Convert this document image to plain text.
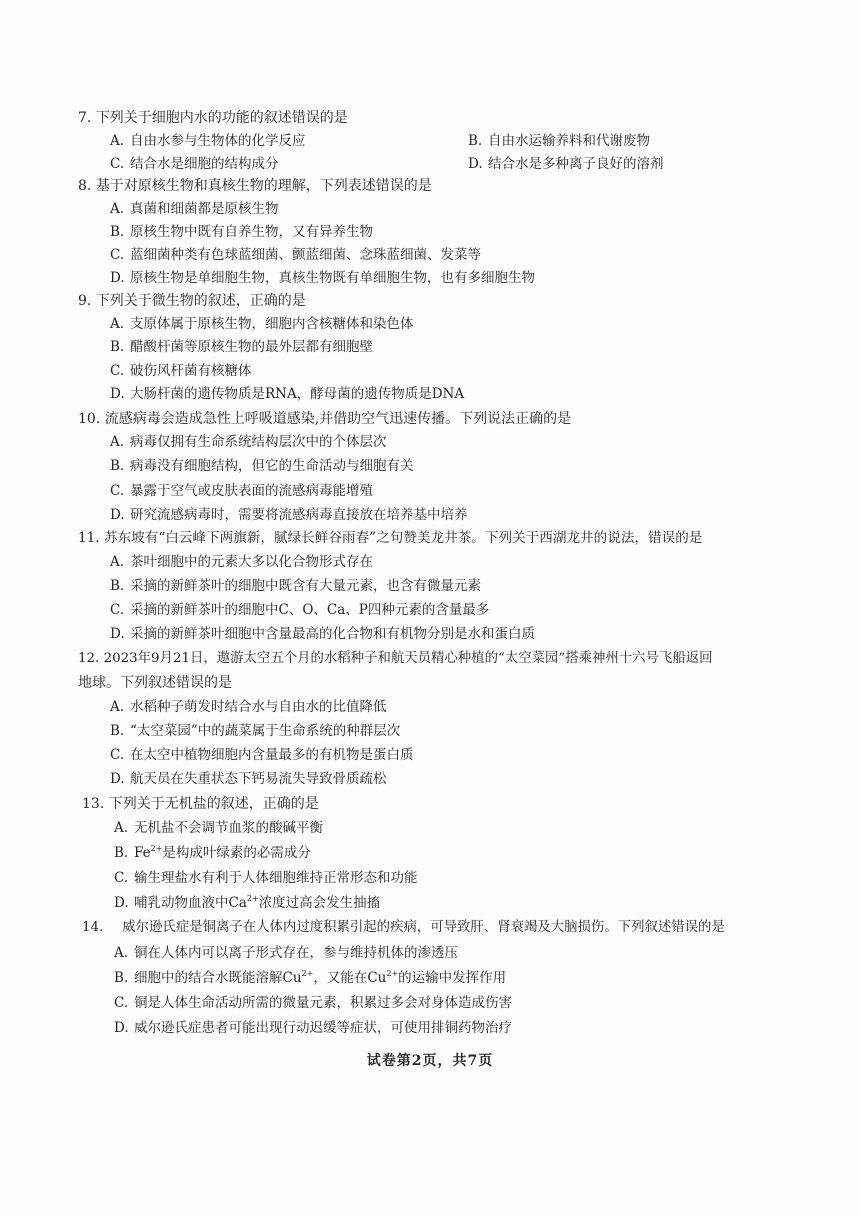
7. 下列关于细胞内水的功能的叙述错误的是
A. 自由水参与生物体的化学反应	B. 自由水运输养料和代谢废物
C. 结合水是细胞的结构成分	D. 结合水是多种离子良好的溶剂
8. 基于对原核生物和真核生物的理解，下列表述错误的是
A. 真菌和细菌都是原核生物
B. 原核生物中既有自养生物，又有异养生物
C. 蓝细菌种类有色球蓝细菌、颤蓝细菌、念珠蓝细菌、发菜等
D. 原核生物是单细胞生物，真核生物既有单细胞生物，也有多细胞生物
9. 下列关于微生物的叙述，正确的是
A. 支原体属于原核生物，细胞内含核糖体和染色体
B. 醋酸杆菌等原核生物的最外层都有细胞壁
C. 破伤风杆菌有核糖体
D. 大肠杆菌的遗传物质是RNA，酵母菌的遗传物质是DNA
10. 流感病毒会造成急性上呼吸道感染,并借助空气迅速传播。下列说法正确的是
A. 病毒仅拥有生命系统结构层次中的个体层次
B. 病毒没有细胞结构，但它的生命活动与细胞有关
C. 暴露于空气或皮肤表面的流感病毒能增殖
D. 研究流感病毒时，需要将流感病毒直接放在培养基中培养
11. 苏东坡有“白云峰下两旗新，腻绿长鲜谷雨春”之句赞美龙井茶。下列关于西湖龙井的说法，错误的是
A. 茶叶细胞中的元素大多以化合物形式存在
B. 采摘的新鲜茶叶的细胞中既含有大量元素，也含有微量元素
C. 采摘的新鲜茶叶的细胞中C、O、Ca、P四种元素的含量最多
D. 采摘的新鲜茶叶细胞中含量最高的化合物和有机物分别是水和蛋白质
12. 2023年9月21日，遨游太空五个月的水稻种子和航天员精心种植的“太空菜园”搭乘神州十六号飞船返回
地球。下列叙述错误的是
A. 水稻种子萌发时结合水与自由水的比值降低
B. “太空菜园”中的蔬菜属于生命系统的种群层次
C. 在太空中植物细胞内含量最多的有机物是蛋白质
D. 航天员在失重状态下钙易流失导致骨质疏松
13. 下列关于无机盐的叙述，正确的是
A. 无机盐不会调节血浆的酸碱平衡
B. $Fe^{2+}$是构成叶绿素的必需成分
C. 输生理盐水有利于人体细胞维持正常形态和功能
D. 哺乳动物血液中$Ca^{2+}$浓度过高会发生抽搐
14. 威尔逊氏症是铜离子在人体内过度积累引起的疾病，可导致肝、肾衰竭及大脑损伤。下列叙述错误的是
A. 铜在人体内可以离子形式存在，参与维持机体的渗透压
B. 细胞中的结合水既能溶解$Cu^{2+}$，又能在$Cu^{2+}$的运输中发挥作用
C. 铜是人体生命活动所需的微量元素，积累过多会对身体造成伤害
D. 威尔逊氏症患者可能出现行动迟缓等症状，可使用排铜药物治疗
试卷第2页，共7页
